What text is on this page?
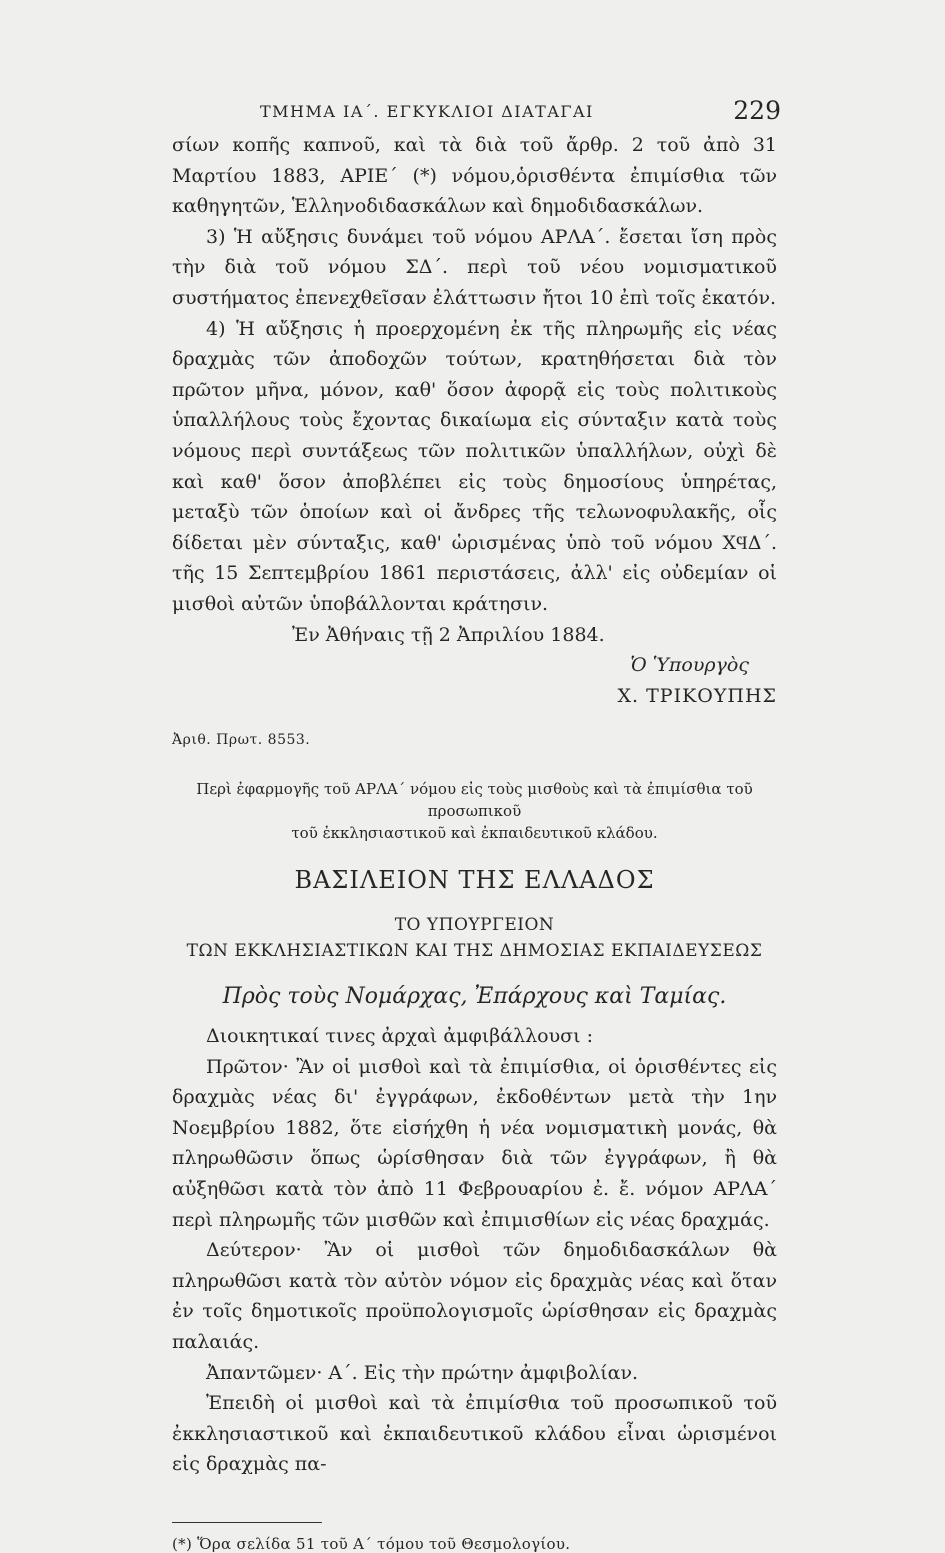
ΤΜΗΜΑ ΙΑ΄. ΕΓΚΥΚΛΙΟΙ ΔΙΑΤΑΓΑΙ	229

σίων κοπῆς καπνοῦ, καὶ τὰ διὰ τοῦ ἄρθρ. 2 τοῦ ἀπὸ 31 Μαρτίου 1883, ΑΡΙΕ΄ (*) νόμου,ὁρισθέντα ἐπιμίσθια τῶν καθηγητῶν, Ἑλληνοδιδασκάλων καὶ δημοδιδασκάλων.

3) Ἡ αὔξησις δυνάμει τοῦ νόμου ΑΡΛΑ΄. ἔσεται ἴση πρὸς τὴν διὰ τοῦ νόμου ΣΔ΄. περὶ τοῦ νέου νομισματικοῦ συστήματος ἐπενεχθεῖσαν ἐλάττωσιν ἤτοι 10 ἐπὶ τοῖς ἑκατόν.

4) Ἡ αὔξησις ἡ προερχομένη ἐκ τῆς πληρωμῆς εἰς νέας δραχμὰς τῶν ἀποδοχῶν τούτων, κρατηθήσεται διὰ τὸν πρῶτον μῆνα, μόνον, καθ' ὅσον ἀφορᾷ εἰς τοὺς πολιτικοὺς ὑπαλλήλους τοὺς ἔχοντας δικαίωμα εἰς σύνταξιν κατὰ τοὺς νόμους περὶ συντάξεως τῶν πολιτικῶν ὑπαλλήλων, οὐχὶ δὲ καὶ καθ' ὅσον ἀποβλέπει εἰς τοὺς δημοσίους ὑπηρέτας, μεταξὺ τῶν ὁποίων καὶ οἱ ἄνδρες τῆς τελωνοφυλακῆς, οἷς δίδεται μὲν σύνταξις, καθ' ὡρισμένας ὑπὸ τοῦ νόμου ΧϤΔ΄. τῆς 15 Σεπτεμβρίου 1861 περιστάσεις, ἀλλ' εἰς οὐδεμίαν οἱ μισθοὶ αὐτῶν ὑποβάλλονται κράτησιν.

Ἐν Ἀθήναις τῇ 2 Ἀπριλίου 1884.

Ὁ Ὑπουργὸς
Χ. ΤΡΙΚΟΥΠΗΣ
Ἀριθ. Πρωτ. 8553.
Περὶ ἐφαρμογῆς τοῦ ΑΡΛΑ΄ νόμου εἰς τοὺς μισθοὺς καὶ τὰ ἐπιμίσθια τοῦ προσωπικοῦ
τοῦ ἐκκλησιαστικοῦ καὶ ἐκπαιδευτικοῦ κλάδου.
ΒΑΣΙΛΕΙΟΝ ΤΗΣ ΕΛΛΑΔΟΣ
ΤΟ ΥΠΟΥΡΓΕΙΟΝ
ΤΩΝ ΕΚΚΛΗΣΙΑΣΤΙΚΩΝ ΚΑΙ ΤΗΣ ΔΗΜΟΣΙΑΣ ΕΚΠΑΙΔΕΥΣΕΩΣ
Πρὸς τοὺς Νομάρχας, Ἐπάρχους καὶ Ταμίας.

Διοικητικαί τινες ἀρχαὶ ἀμφιβάλλουσι :

Πρῶτον· Ἂν οἱ μισθοὶ καὶ τὰ ἐπιμίσθια, οἱ ὁρισθέντες εἰς δραχμὰς νέας δι' ἐγγράφων, ἐκδοθέντων μετὰ τὴν 1ην Νοεμβρίου 1882, ὅτε εἰσήχθη ἡ νέα νομισματικὴ μονάς, θὰ πληρωθῶσιν ὅπως ὡρίσθησαν διὰ τῶν ἐγγράφων, ἢ θὰ αὐξηθῶσι κατὰ τὸν ἀπὸ 11 Φεβρουαρίου ἐ. ἔ. νόμον ΑΡΛΑ΄ περὶ πληρωμῆς τῶν μισθῶν καὶ ἐπιμισθίων εἰς νέας δραχμάς.

Δεύτερον· Ἂν οἱ μισθοὶ τῶν δημοδιδασκάλων θὰ πληρωθῶσι κατὰ τὸν αὐτὸν νόμον εἰς δραχμὰς νέας καὶ ὅταν ἐν τοῖς δημοτικοῖς προϋπολογισμοῖς ὡρίσθησαν εἰς δραχμὰς παλαιάς.

Ἀπαντῶμεν· Α΄. Εἰς τὴν πρώτην ἀμφιβολίαν.

Ἐπειδὴ οἱ μισθοὶ καὶ τὰ ἐπιμίσθια τοῦ προσωπικοῦ τοῦ ἐκκλησιαστικοῦ καὶ ἐκπαιδευτικοῦ κλάδου εἶναι ὡρισμένοι εἰς δραχμὰς πα-

(*) Ὅρα σελίδα 51 τοῦ Α΄ τόμου τοῦ Θεσμολογίου.
